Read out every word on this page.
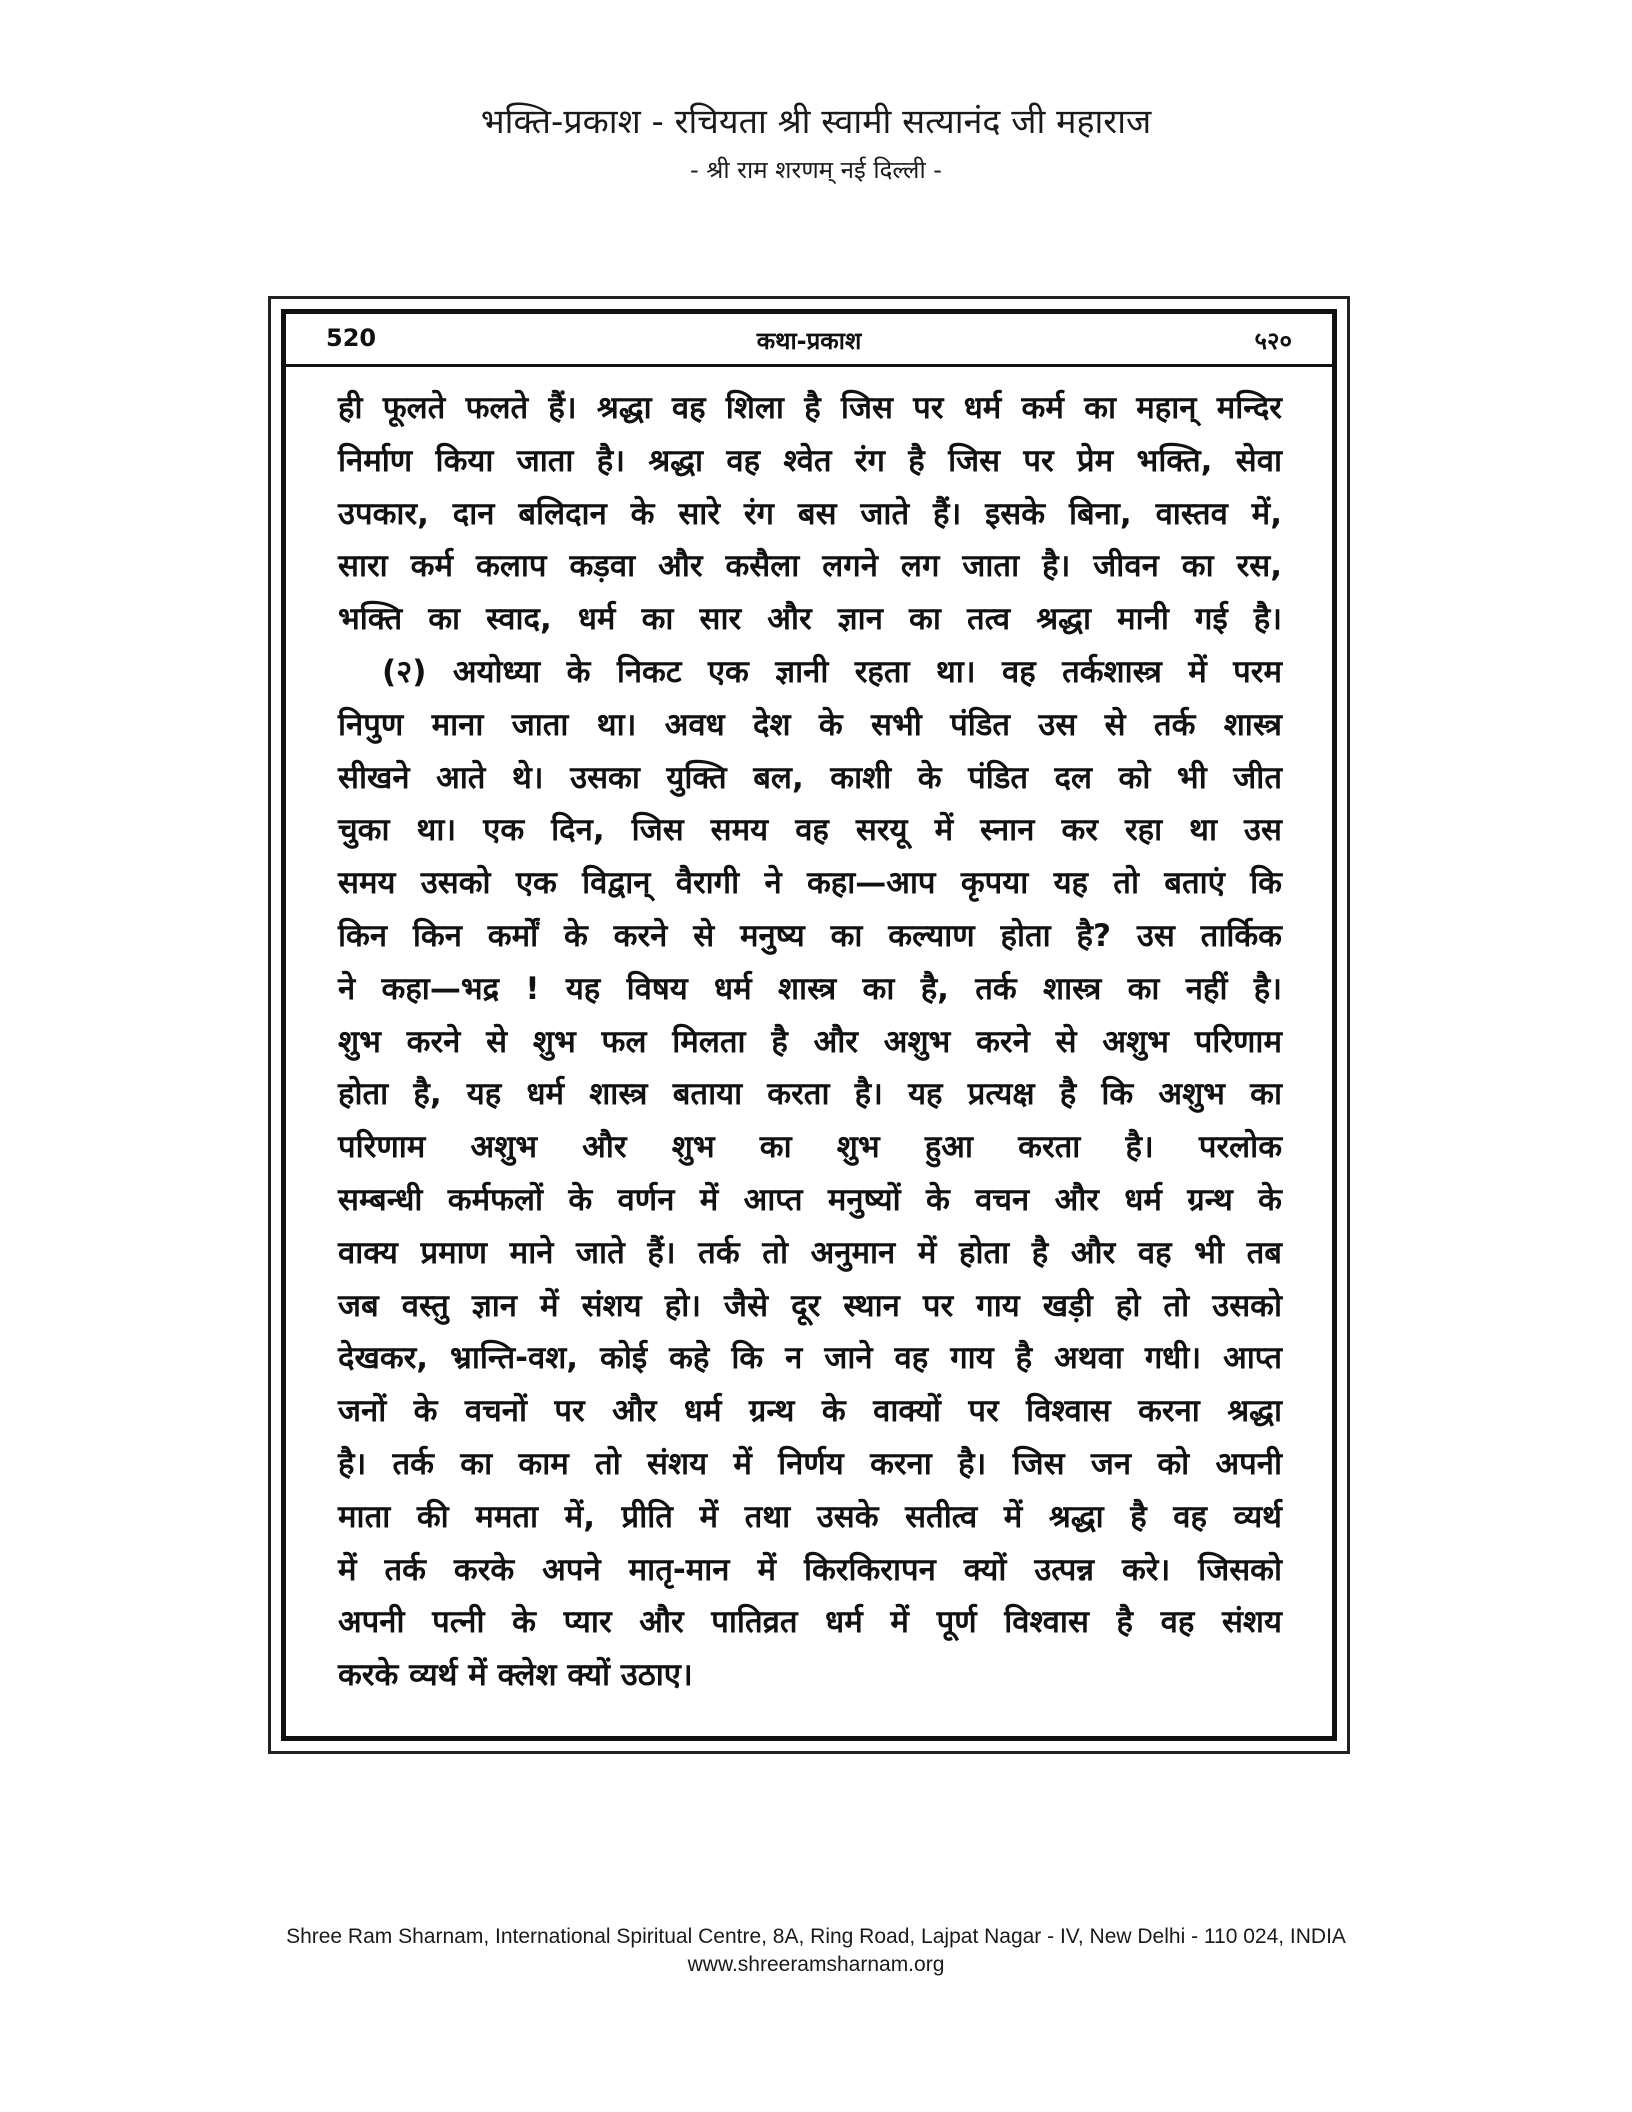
भक्ति-प्रकाश - रचियता श्री स्वामी सत्यानंद जी महाराज
- श्री राम शरणम् नई दिल्ली -
520	कथा-प्रकाश	५२०
ही फूलते फलते हैं। श्रद्धा वह शिला है जिस पर धर्म कर्म का महान् मन्दिर
निर्माण किया जाता है। श्रद्धा वह श्वेत रंग है जिस पर प्रेम भक्ति, सेवा
उपकार, दान बलिदान के सारे रंग बस जाते हैं। इसके बिना, वास्तव में,
सारा कर्म कलाप कड़वा और कसैला लगने लग जाता है। जीवन का रस,
भक्ति का स्वाद, धर्म का सार और ज्ञान का तत्व श्रद्धा मानी गई है।
(२) अयोध्या के निकट एक ज्ञानी रहता था। वह तर्कशास्त्र में परम
निपुण माना जाता था। अवध देश के सभी पंडित उस से तर्क शास्त्र
सीखने आते थे। उसका युक्ति बल, काशी के पंडित दल को भी जीत
चुका था। एक दिन, जिस समय वह सरयू में स्नान कर रहा था उस
समय उसको एक विद्वान् वैरागी ने कहा—आप कृपया यह तो बताएं कि
किन किन कर्मों के करने से मनुष्य का कल्याण होता है? उस तार्किक
ने कहा—भद्र ! यह विषय धर्म शास्त्र का है, तर्क शास्त्र का नहीं है।
शुभ करने से शुभ फल मिलता है और अशुभ करने से अशुभ परिणाम
होता है, यह धर्म शास्त्र बताया करता है। यह प्रत्यक्ष है कि अशुभ का
परिणाम अशुभ और शुभ का शुभ हुआ करता है। परलोक
सम्बन्धी कर्मफलों के वर्णन में आप्त मनुष्यों के वचन और धर्म ग्रन्थ के
वाक्य प्रमाण माने जाते हैं। तर्क तो अनुमान में होता है और वह भी तब
जब वस्तु ज्ञान में संशय हो। जैसे दूर स्थान पर गाय खड़ी हो तो उसको
देखकर, भ्रान्ति-वश, कोई कहे कि न जाने वह गाय है अथवा गधी। आप्त
जनों के वचनों पर और धर्म ग्रन्थ के वाक्यों पर विश्वास करना श्रद्धा
है। तर्क का काम तो संशय में निर्णय करना है। जिस जन को अपनी
माता की ममता में, प्रीति में तथा उसके सतीत्व में श्रद्धा है वह व्यर्थ
में तर्क करके अपने मातृ-मान में किरकिरापन क्यों उत्पन्न करे। जिसको
अपनी पत्नी के प्यार और पातिव्रत धर्म में पूर्ण विश्वास है वह संशय
करके व्यर्थ में क्लेश क्यों उठाए।
Shree Ram Sharnam, International Spiritual Centre, 8A, Ring Road, Lajpat Nagar - IV, New Delhi - 110 024, INDIA
www.shreeramsharnam.org
